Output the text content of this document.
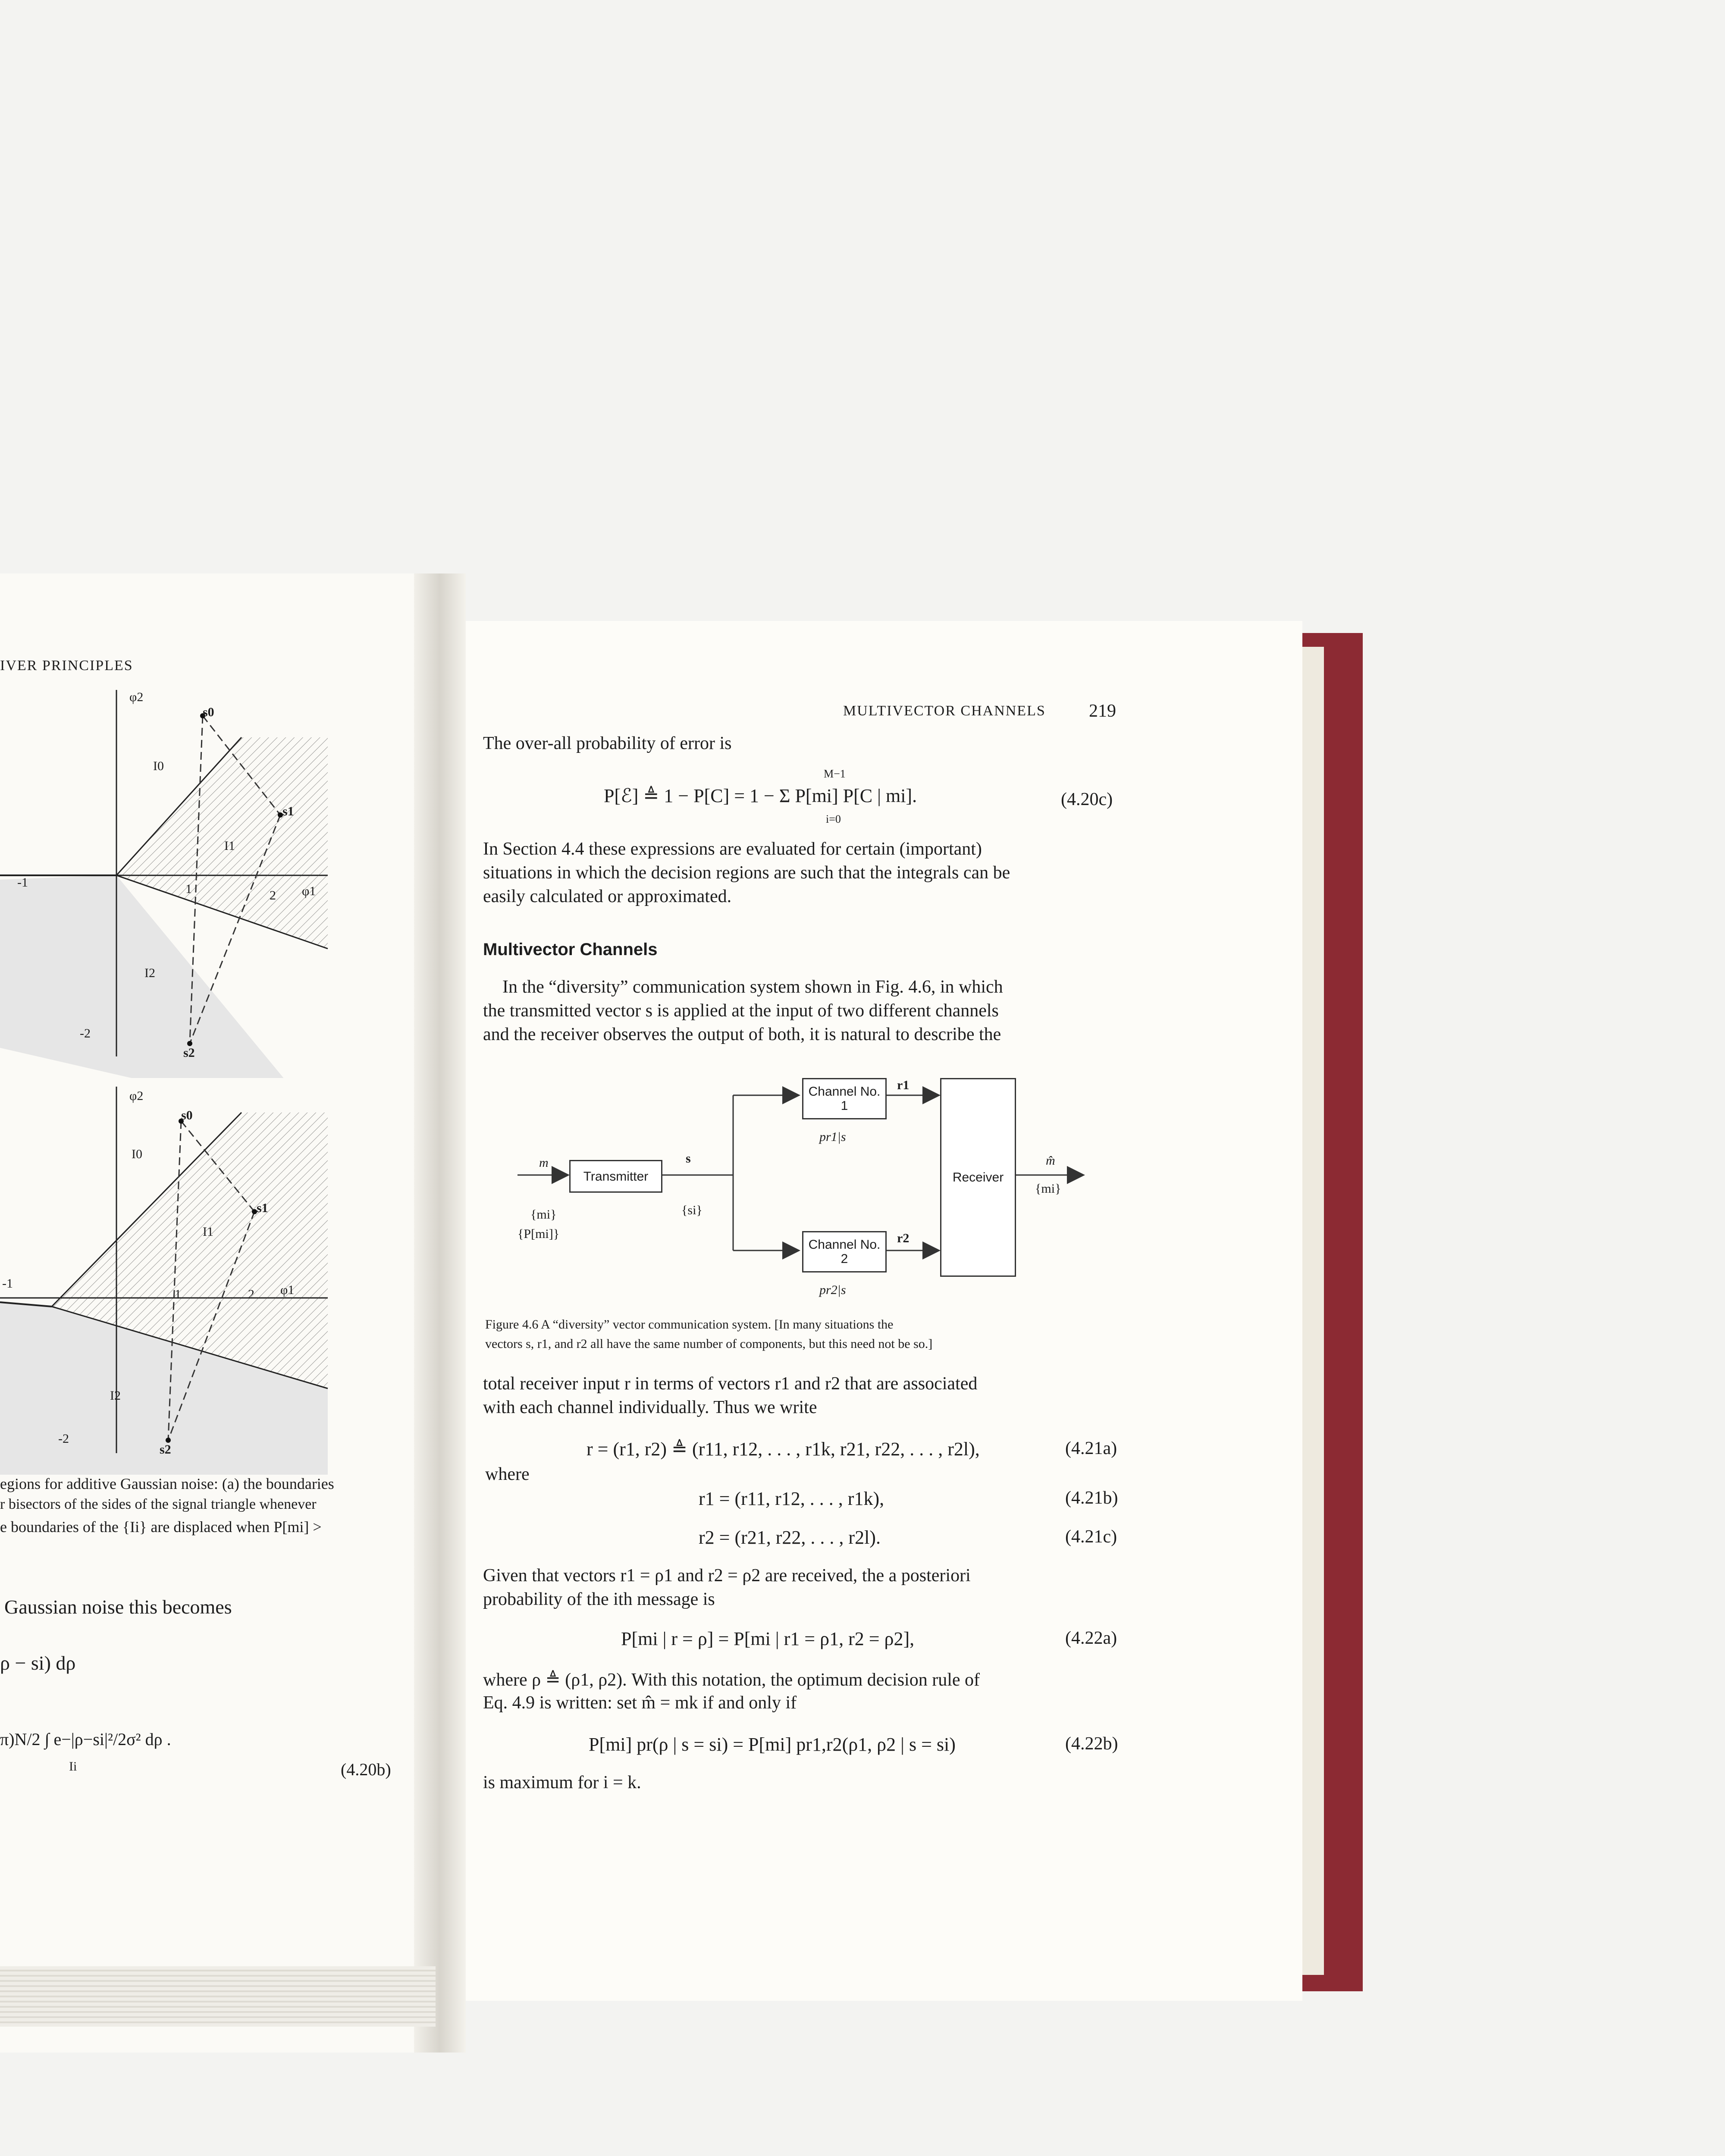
IVER PRINCIPLES
φ2
s0
I0
s1
I1
2 φ1
1
-1
I2
s2
-2
φ2
s0
I0
s1
I1
2 φ1
1
-1
I2
s2
-2
egions for additive Gaussian noise: (a) the boundaries
r bisectors of the sides of the signal triangle whenever
e boundaries of the {Ii} are displaced when P[mi] >
Gaussian noise this becomes
ρ − si) dρ
π)N/2 ∫ e−|ρ−si|²/2σ² dρ .
Ii	(4.20b)
MULTIVECTOR CHANNELS 219
The over-all probability of error is
M−1
P[ℰ] ≜ 1 − P[C] = 1 − Σ P[mi] P[C | mi].
i=0
(4.20c)
In Section 4.4 these expressions are evaluated for certain (important)
situations in which the decision regions are such that the integrals can be
easily calculated or approximated.
Multivector Channels
In the “diversity” communication system shown in Fig. 4.6, in which
the transmitted vector s is applied at the input of two different channels
and the receiver observes the output of both, it is natural to describe the
Transmitter
Channel No. 1
Channel No. 2
Receiver
m	s
{mi}
{P[mi]}
{si}
r1
r2
pr1|s
pr2|s
m̂
{mi}
Figure 4.6 A “diversity” vector communication system. [In many situations the
vectors s, r1, and r2 all have the same number of components, but this need not be so.]
total receiver input r in terms of vectors r1 and r2 that are associated
with each channel individually. Thus we write
r = (r1, r2) ≜ (r11, r12, . . . , r1k, r21, r22, . . . , r2l),	(4.21a)
where
r1 = (r11, r12, . . . , r1k),	(4.21b)
r2 = (r21, r22, . . . , r2l).	(4.21c)
Given that vectors r1 = ρ1 and r2 = ρ2 are received, the a posteriori
probability of the ith message is
P[mi | r = ρ] = P[mi | r1 = ρ1, r2 = ρ2],	(4.22a)
where ρ ≜ (ρ1, ρ2). With this notation, the optimum decision rule of
Eq. 4.9 is written: set m̂ = mk if and only if
P[mi] pr(ρ | s = si) = P[mi] pr1,r2(ρ1, ρ2 | s = si)	(4.22b)
is maximum for i = k.
